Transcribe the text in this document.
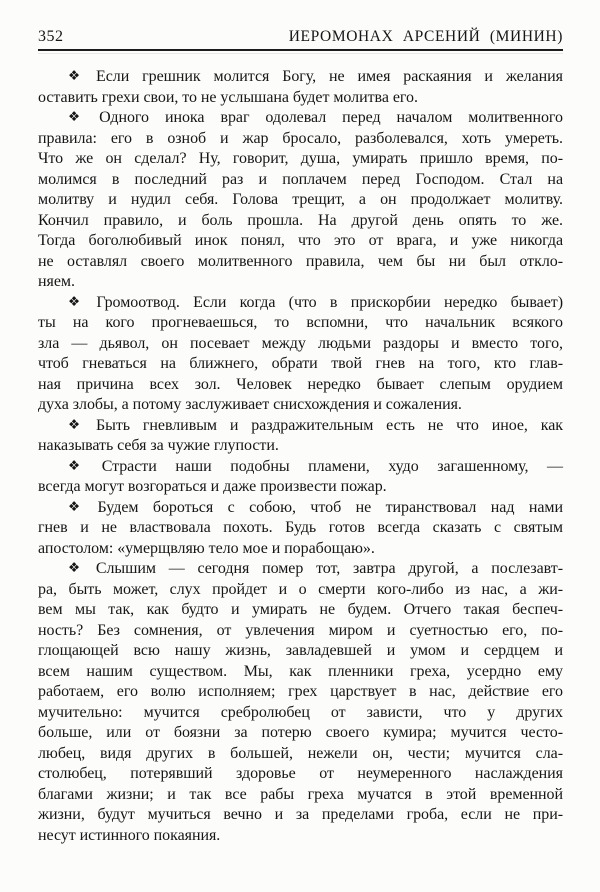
352	ИЕРОМОНАХ АРСЕНИЙ (МИНИН)
❖ Если грешник молится Богу, не имея раскаяния и желания
оставить грехи свои, то не услышана будет молитва его.
❖ Одного инока враг одолевал перед началом молитвенного
правила: его в озноб и жар бросало, разболевался, хоть умереть.
Что же он сделал? Ну, говорит, душа, умирать пришло время, по-
молимся в последний раз и поплачем перед Господом. Стал на
молитву и нудил себя. Голова трещит, а он продолжает молитву.
Кончил правило, и боль прошла. На другой день опять то же.
Тогда боголюбивый инок понял, что это от врага, и уже никогда
не оставлял своего молитвенного правила, чем бы ни был откло-
няем.
❖ Громоотвод. Если когда (что в прискорбии нередко бывает)
ты на кого прогневаешься, то вспомни, что начальник всякого
зла — дьявол, он посевает между людьми раздоры и вместо того,
чтоб гневаться на ближнего, обрати твой гнев на того, кто глав-
ная причина всех зол. Человек нередко бывает слепым орудием
духа злобы, а потому заслуживает снисхождения и сожаления.
❖ Быть гневливым и раздражительным есть не что иное, как
наказывать себя за чужие глупости.
❖ Страсти наши подобны пламени, худо загашенному, —
всегда могут возгораться и даже произвести пожар.
❖ Будем бороться с собою, чтоб не тиранствовал над нами
гнев и не властвовала похоть. Будь готов всегда сказать с святым
апостолом: «умерщвляю тело мое и порабощаю».
❖ Слышим — сегодня помер тот, завтра другой, а послезавт-
ра, быть может, слух пройдет и о смерти кого-либо из нас, а жи-
вем мы так, как будто и умирать не будем. Отчего такая беспеч-
ность? Без сомнения, от увлечения миром и суетностью его, по-
глощающей всю нашу жизнь, завладевшей и умом и сердцем и
всем нашим существом. Мы, как пленники греха, усердно ему
работаем, его волю исполняем; грех царствует в нас, действие его
мучительно: мучится сребролюбец от зависти, что у других
больше, или от боязни за потерю своего кумира; мучится често-
любец, видя других в большей, нежели он, чести; мучится сла-
столюбец, потерявший здоровье от неумеренного наслаждения
благами жизни; и так все рабы греха мучатся в этой временной
жизни, будут мучиться вечно и за пределами гроба, если не при-
несут истинного покаяния.
